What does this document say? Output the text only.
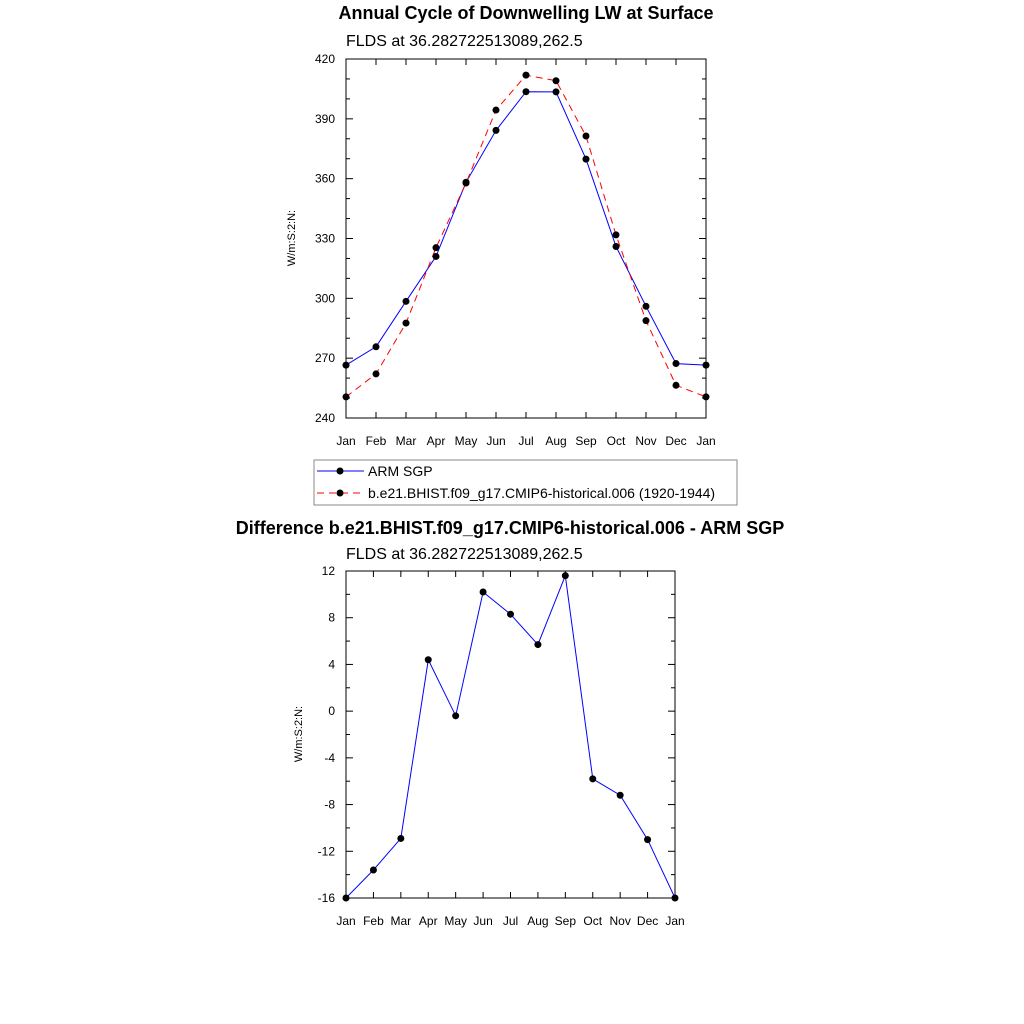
Annual Cycle of Downwelling LW at Surface
FLDS at 36.282722513089,262.5
W/m:S:2:N:
Jan Feb Mar Apr May Jun Jul Aug Sep Oct Nov Dec Jan
240
270
300
330
360
390
420
ARM SGP
b.e21.BHIST.f09_g17.CMIP6-historical.006 (1920-1944)
Difference b.e21.BHIST.f09_g17.CMIP6-historical.006 - ARM SGP
FLDS at 36.282722513089,262.5
W/m:S:2:N:
Jan Feb Mar Apr May Jun Jul Aug Sep Oct Nov Dec Jan
-16
-12
-8
-4
0
4
8
12
